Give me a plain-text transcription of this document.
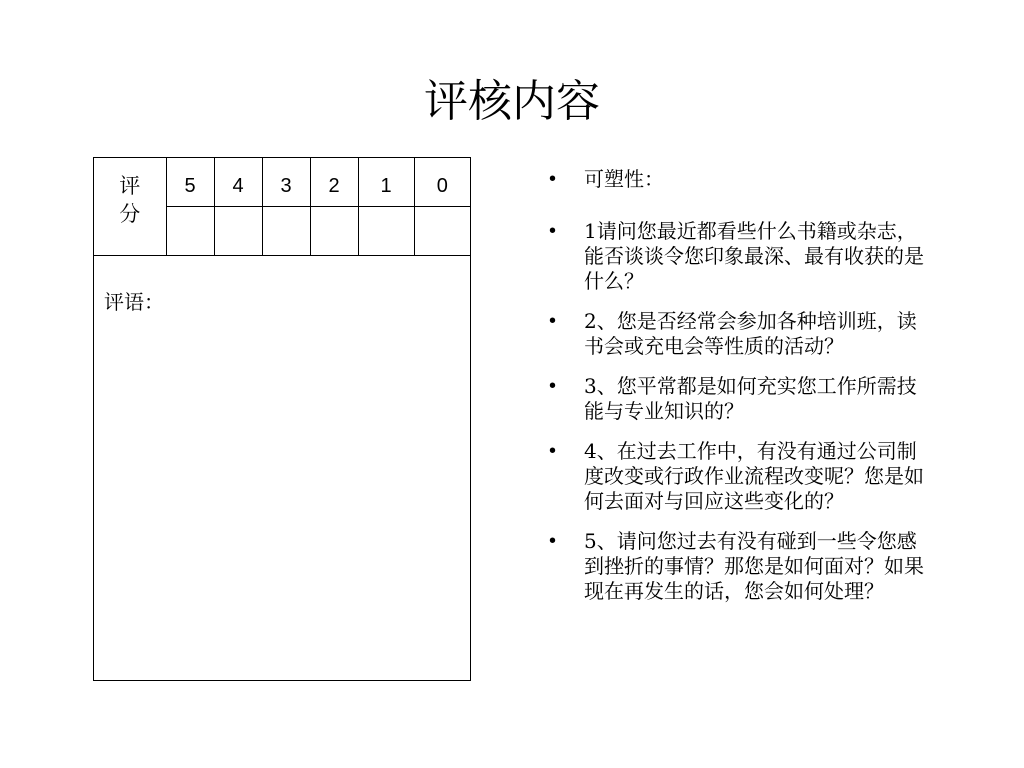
评核内容
评分	5	4	3	2	1	0

评语：
• 可塑性：
• 1请问您最近都看些什么书籍或杂志，能否谈谈令您印象最深、最有收获的是什么？
• 2、您是否经常会参加各种培训班，读书会或充电会等性质的活动？
• 3、您平常都是如何充实您工作所需技能与专业知识的？
• 4、在过去工作中，有没有通过公司制度改变或行政作业流程改变呢？您是如何去面对与回应这些变化的？
• 5、请问您过去有没有碰到一些令您感到挫折的事情？那您是如何面对？如果现在再发生的话，您会如何处理？
